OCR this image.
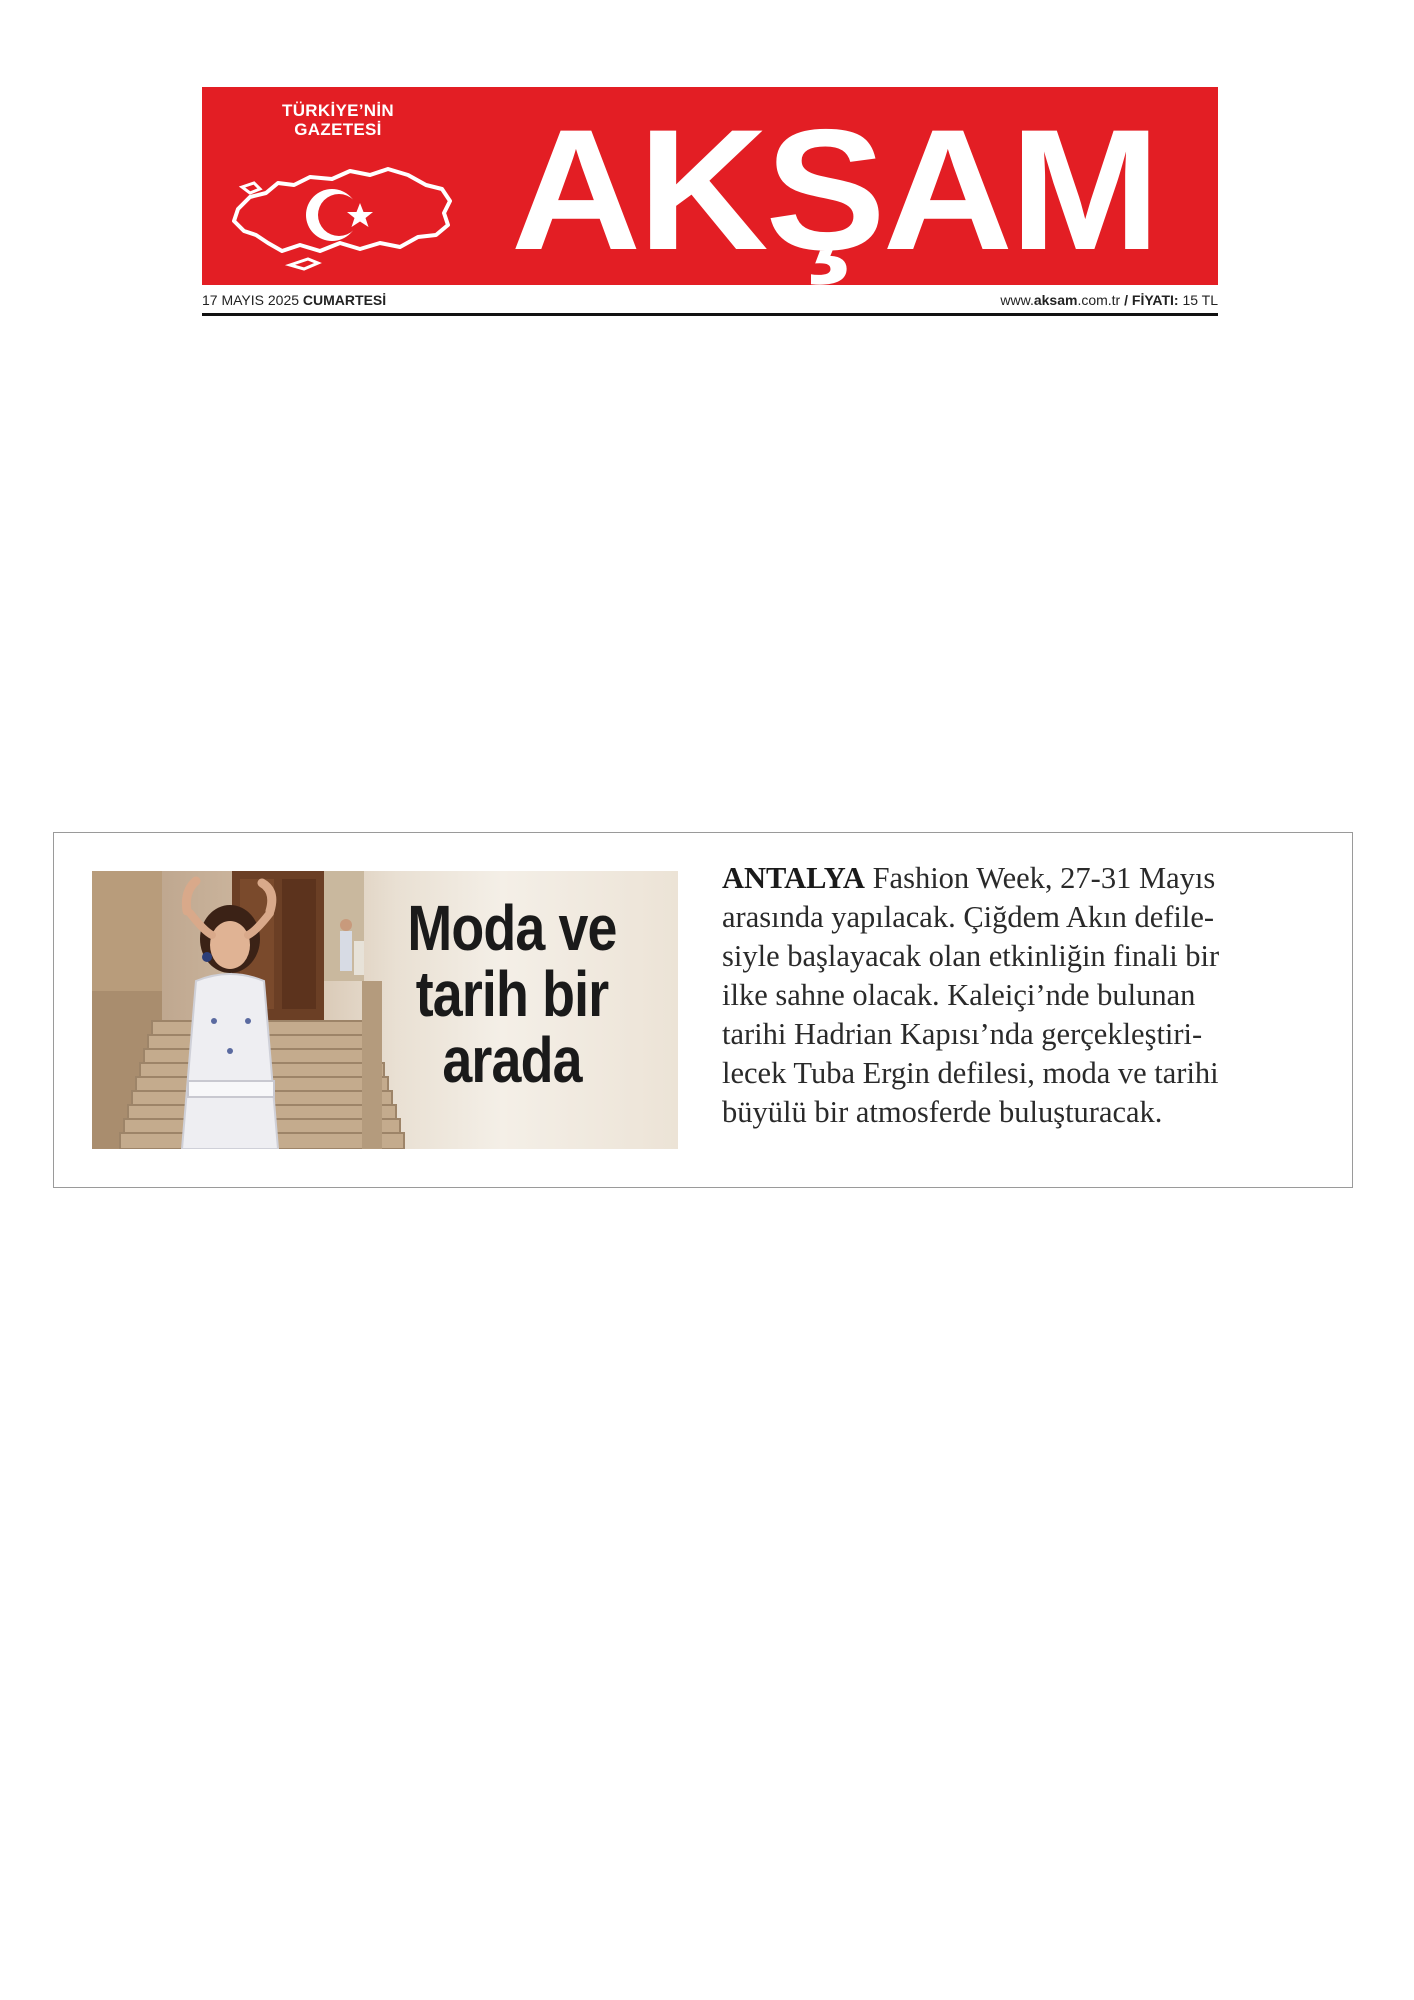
TÜRKİYE’NİN
GAZETESİ AKŞAM
17 MAYIS 2025 CUMARTESİ	www.aksam.com.tr / FİYATI: 15 TL
Moda ve
tarih bir
arada
ANTALYA Fashion Week, 27-31 Mayıs
arasında yapılacak. Çiğdem Akın defile-
siyle başlayacak olan etkinliğin finali bir
ilke sahne olacak. Kaleiçi’nde bulunan
tarihi Hadrian Kapısı’nda gerçekleştiri-
lecek Tuba Ergin defilesi, moda ve tarihi
büyülü bir atmosferde buluşturacak.
